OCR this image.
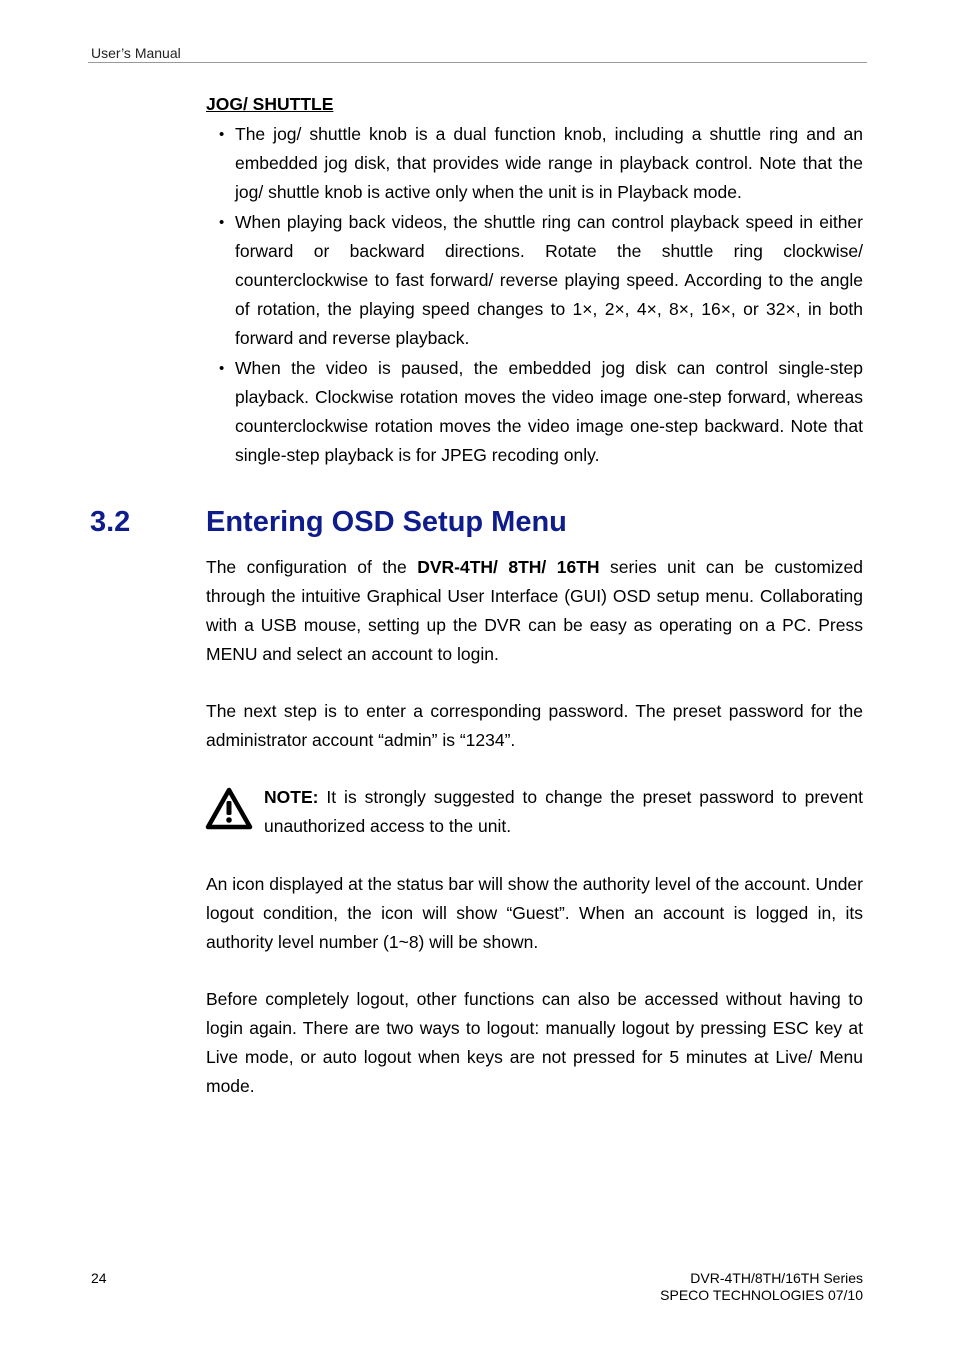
User’s Manual
JOG/ SHUTTLE
• The jog/ shuttle knob is a dual function knob, including a shuttle ring and an embedded jog disk, that provides wide range in playback control. Note that the jog/ shuttle knob is active only when the unit is in Playback mode.
• When playing back videos, the shuttle ring can control playback speed in either forward or backward directions. Rotate the shuttle ring clockwise/ counterclockwise to fast forward/ reverse playing speed. According to the angle of rotation, the playing speed changes to 1×, 2×, 4×, 8×, 16×, or 32×, in both forward and reverse playback.
• When the video is paused, the embedded jog disk can control single-step playback. Clockwise rotation moves the video image one-step forward, whereas counterclockwise rotation moves the video image one-step backward. Note that single-step playback is for JPEG recoding only.
3.2	Entering OSD Setup Menu

The configuration of the DVR-4TH/ 8TH/ 16TH series unit can be customized through the intuitive Graphical User Interface (GUI) OSD setup menu. Collaborating with a USB mouse, setting up the DVR can be easy as operating on a PC. Press MENU and select an account to login.

The next step is to enter a corresponding password. The preset password for the administrator account “admin” is “1234”.

NOTE: It is strongly suggested to change the preset password to prevent unauthorized access to the unit.

An icon displayed at the status bar will show the authority level of the account. Under logout condition, the icon will show “Guest”. When an account is logged in, its authority level number (1~8) will be shown.

Before completely logout, other functions can also be accessed without having to login again. There are two ways to logout: manually logout by pressing ESC key at Live mode, or auto logout when keys are not pressed for 5 minutes at Live/ Menu mode.

24	DVR-4TH/8TH/16TH Series
SPECO TECHNOLOGIES 07/10
